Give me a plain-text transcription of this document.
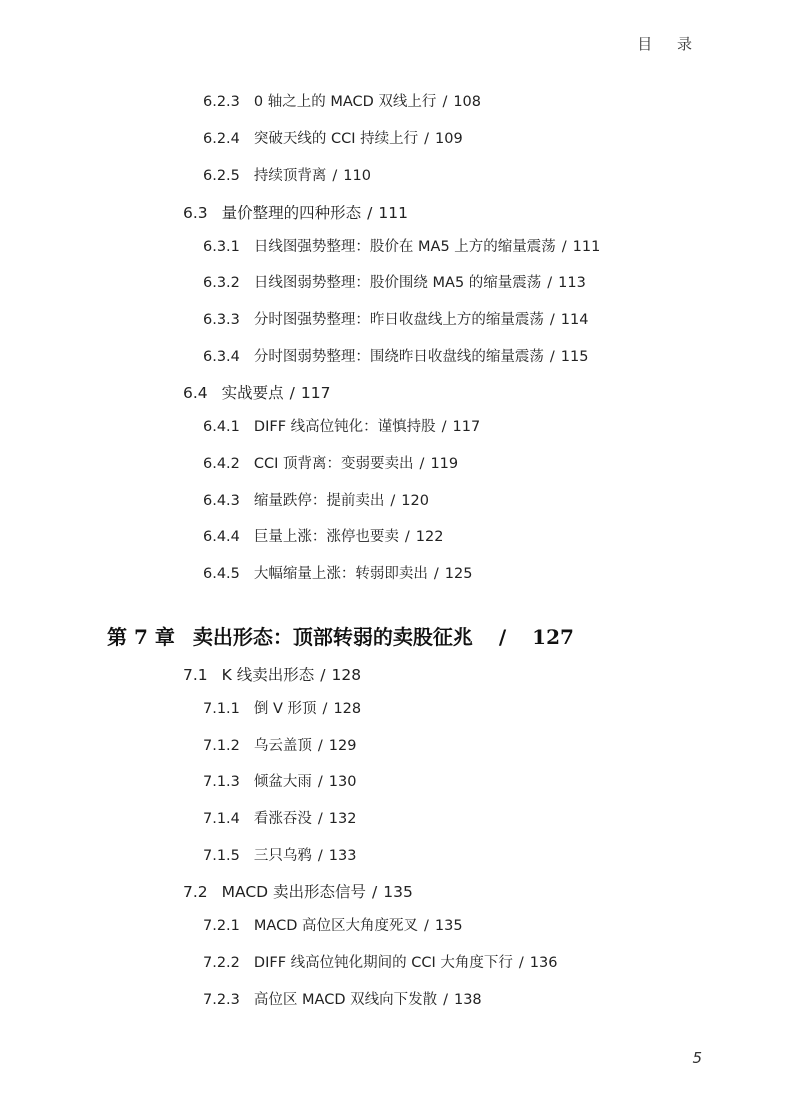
目 录
6.2.3 0 轴之上的 MACD 双线上行 / 108
6.2.4 突破天线的 CCI 持续上行 / 109
6.2.5 持续顶背离 / 110
6.3 量价整理的四种形态 / 111
6.3.1 日线图强势整理：股价在 MA5 上方的缩量震荡 / 111
6.3.2 日线图弱势整理：股价围绕 MA5 的缩量震荡 / 113
6.3.3 分时图强势整理：昨日收盘线上方的缩量震荡 / 114
6.3.4 分时图弱势整理：围绕昨日收盘线的缩量震荡 / 115
6.4 实战要点 / 117
6.4.1 DIFF 线高位钝化：谨慎持股 / 117
6.4.2 CCI 顶背离：变弱要卖出 / 119
6.4.3 缩量跌停：提前卖出 / 120
6.4.4 巨量上涨：涨停也要卖 / 122
6.4.5 大幅缩量上涨：转弱即卖出 / 125
第 7 章 卖出形态：顶部转弱的卖股征兆 / 127
7.1 K 线卖出形态 / 128
7.1.1 倒 V 形顶 / 128
7.1.2 乌云盖顶 / 129
7.1.3 倾盆大雨 / 130
7.1.4 看涨吞没 / 132
7.1.5 三只乌鸦 / 133
7.2 MACD 卖出形态信号 / 135
7.2.1 MACD 高位区大角度死叉 / 135
7.2.2 DIFF 线高位钝化期间的 CCI 大角度下行 / 136
7.2.3 高位区 MACD 双线向下发散 / 138
5
